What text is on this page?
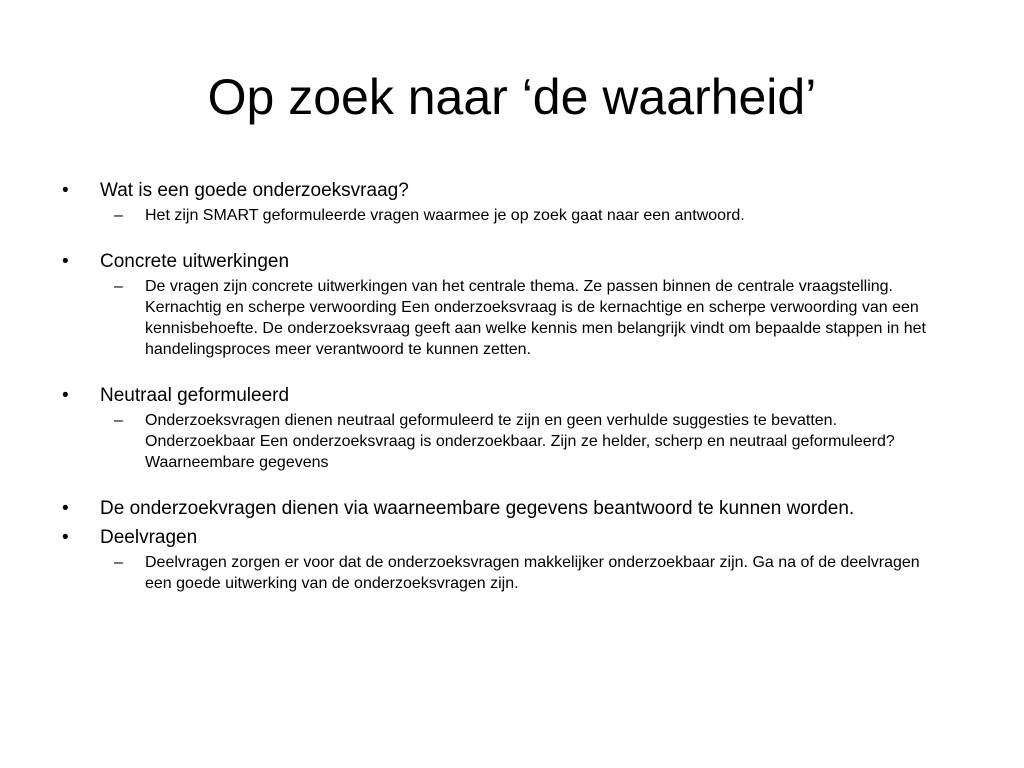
Op zoek naar ‘de waarheid’
•	Wat is een goede onderzoeksvraag?
–	Het zijn SMART geformuleerde vragen waarmee je op zoek gaat naar een antwoord.
•	Concrete uitwerkingen
–	De vragen zijn concrete uitwerkingen van het centrale thema. Ze passen binnen de centrale vraagstelling. Kernachtig en scherpe verwoording Een onderzoeksvraag is de kernachtige en scherpe verwoording van een kennisbehoefte. De onderzoeksvraag geeft aan welke kennis men belangrijk vindt om bepaalde stappen in het handelingsproces meer verantwoord te kunnen zetten.
•	Neutraal geformuleerd
–	Onderzoeksvragen dienen neutraal geformuleerd te zijn en geen verhulde suggesties te bevatten. Onderzoekbaar Een onderzoeksvraag is onderzoekbaar. Zijn ze helder, scherp en neutraal geformuleerd? Waarneembare gegevens
•	De onderzoekvragen dienen via waarneembare gegevens beantwoord te kunnen worden.
•	Deelvragen
–	Deelvragen zorgen er voor dat de onderzoeksvragen makkelijker onderzoekbaar zijn. Ga na of de deelvragen een goede uitwerking van de onderzoeksvragen zijn.
